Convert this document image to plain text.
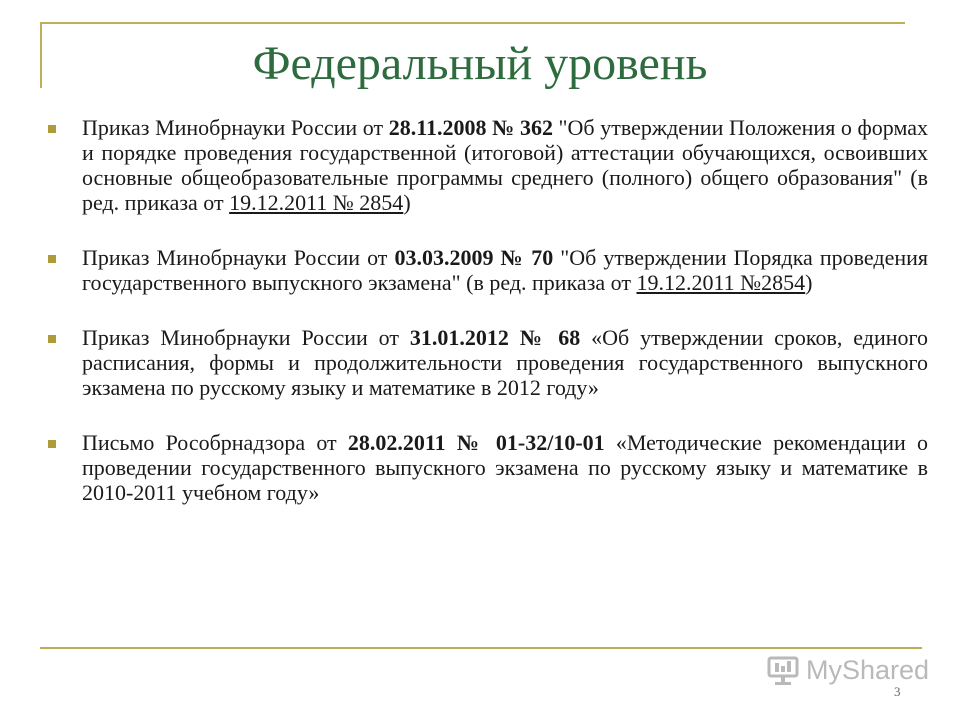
Федеральный уровень

Приказ Минобрнауки России от 28.11.2008 № 362 "Об утверждении Положения о формах и порядке проведения государственной (итоговой) аттестации обучающихся, освоивших основные общеобразовательные программы среднего (полного) общего образования" (в ред. приказа от 19.12.2011 № 2854)

Приказ Минобрнауки России от 03.03.2009 № 70 "Об утверждении Порядка проведения государственного выпускного экзамена" (в ред. приказа от 19.12.2011 №2854)

Приказ Минобрнауки России от 31.01.2012 № 68 «Об утверждении сроков, единого расписания, формы и продолжительности проведения государственного выпускного экзамена по русскому языку и математике в 2012 году»

Письмо Рособрнадзора от 28.02.2011 № 01-32/10-01 «Методические рекомендации о проведении государственного выпускного экзамена по русскому языку и математике в 2010-2011 учебном году»

MyShared
3
